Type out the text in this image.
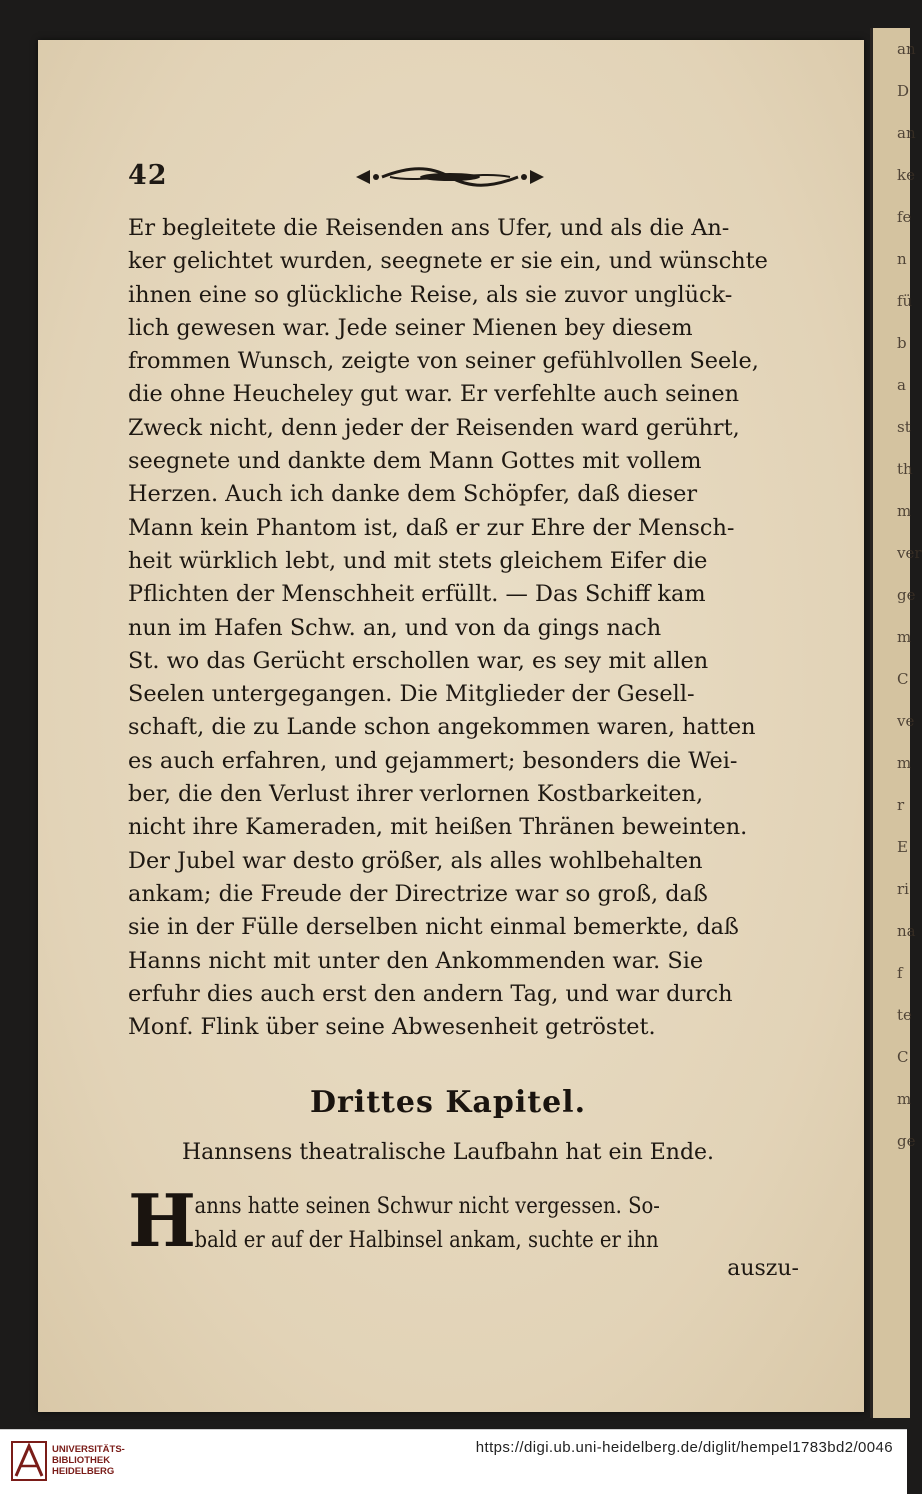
an
D
an
ke
fe
n
fü
b
a
st
th
m
ver
ge
m
C
ve
m
r
E
ri
na
f
te
C
m
ge
42
Er begleitete die Reisenden ans Ufer, und als die An-
ker gelichtet wurden, seegnete er sie ein, und wünschte
ihnen eine so glückliche Reise, als sie zuvor unglück-
lich gewesen war. Jede seiner Mienen bey diesem
frommen Wunsch, zeigte von seiner gefühlvollen Seele,
die ohne Heucheley gut war. Er verfehlte auch seinen
Zweck nicht, denn jeder der Reisenden ward gerührt,
seegnete und dankte dem Mann Gottes mit vollem
Herzen. Auch ich danke dem Schöpfer, daß dieser
Mann kein Phantom ist, daß er zur Ehre der Mensch-
heit würklich lebt, und mit stets gleichem Eifer die
Pflichten der Menschheit erfüllt. — Das Schiff kam
nun im Hafen Schw. an, und von da gings nach
St. wo das Gerücht erschollen war, es sey mit allen
Seelen untergegangen. Die Mitglieder der Gesell-
schaft, die zu Lande schon angekommen waren, hatten
es auch erfahren, und gejammert; besonders die Wei-
ber, die den Verlust ihrer verlornen Kostbarkeiten,
nicht ihre Kameraden, mit heißen Thränen beweinten.
Der Jubel war desto größer, als alles wohlbehalten
ankam; die Freude der Directrize war so groß, daß
sie in der Fülle derselben nicht einmal bemerkte, daß
Hanns nicht mit unter den Ankommenden war. Sie
erfuhr dies auch erst den andern Tag, und war durch
Monf. Flink über seine Abwesenheit getröstet.
Drittes Kapitel.
Hannsens theatralische Laufbahn hat ein Ende.
H
anns hatte seinen Schwur nicht vergessen. So-
bald er auf der Halbinsel ankam, suchte er ihn
auszu-
UNIVERSITÄTS-
BIBLIOTHEK
HEIDELBERG
https://digi.ub.uni-heidelberg.de/diglit/hempel1783bd2/0046
